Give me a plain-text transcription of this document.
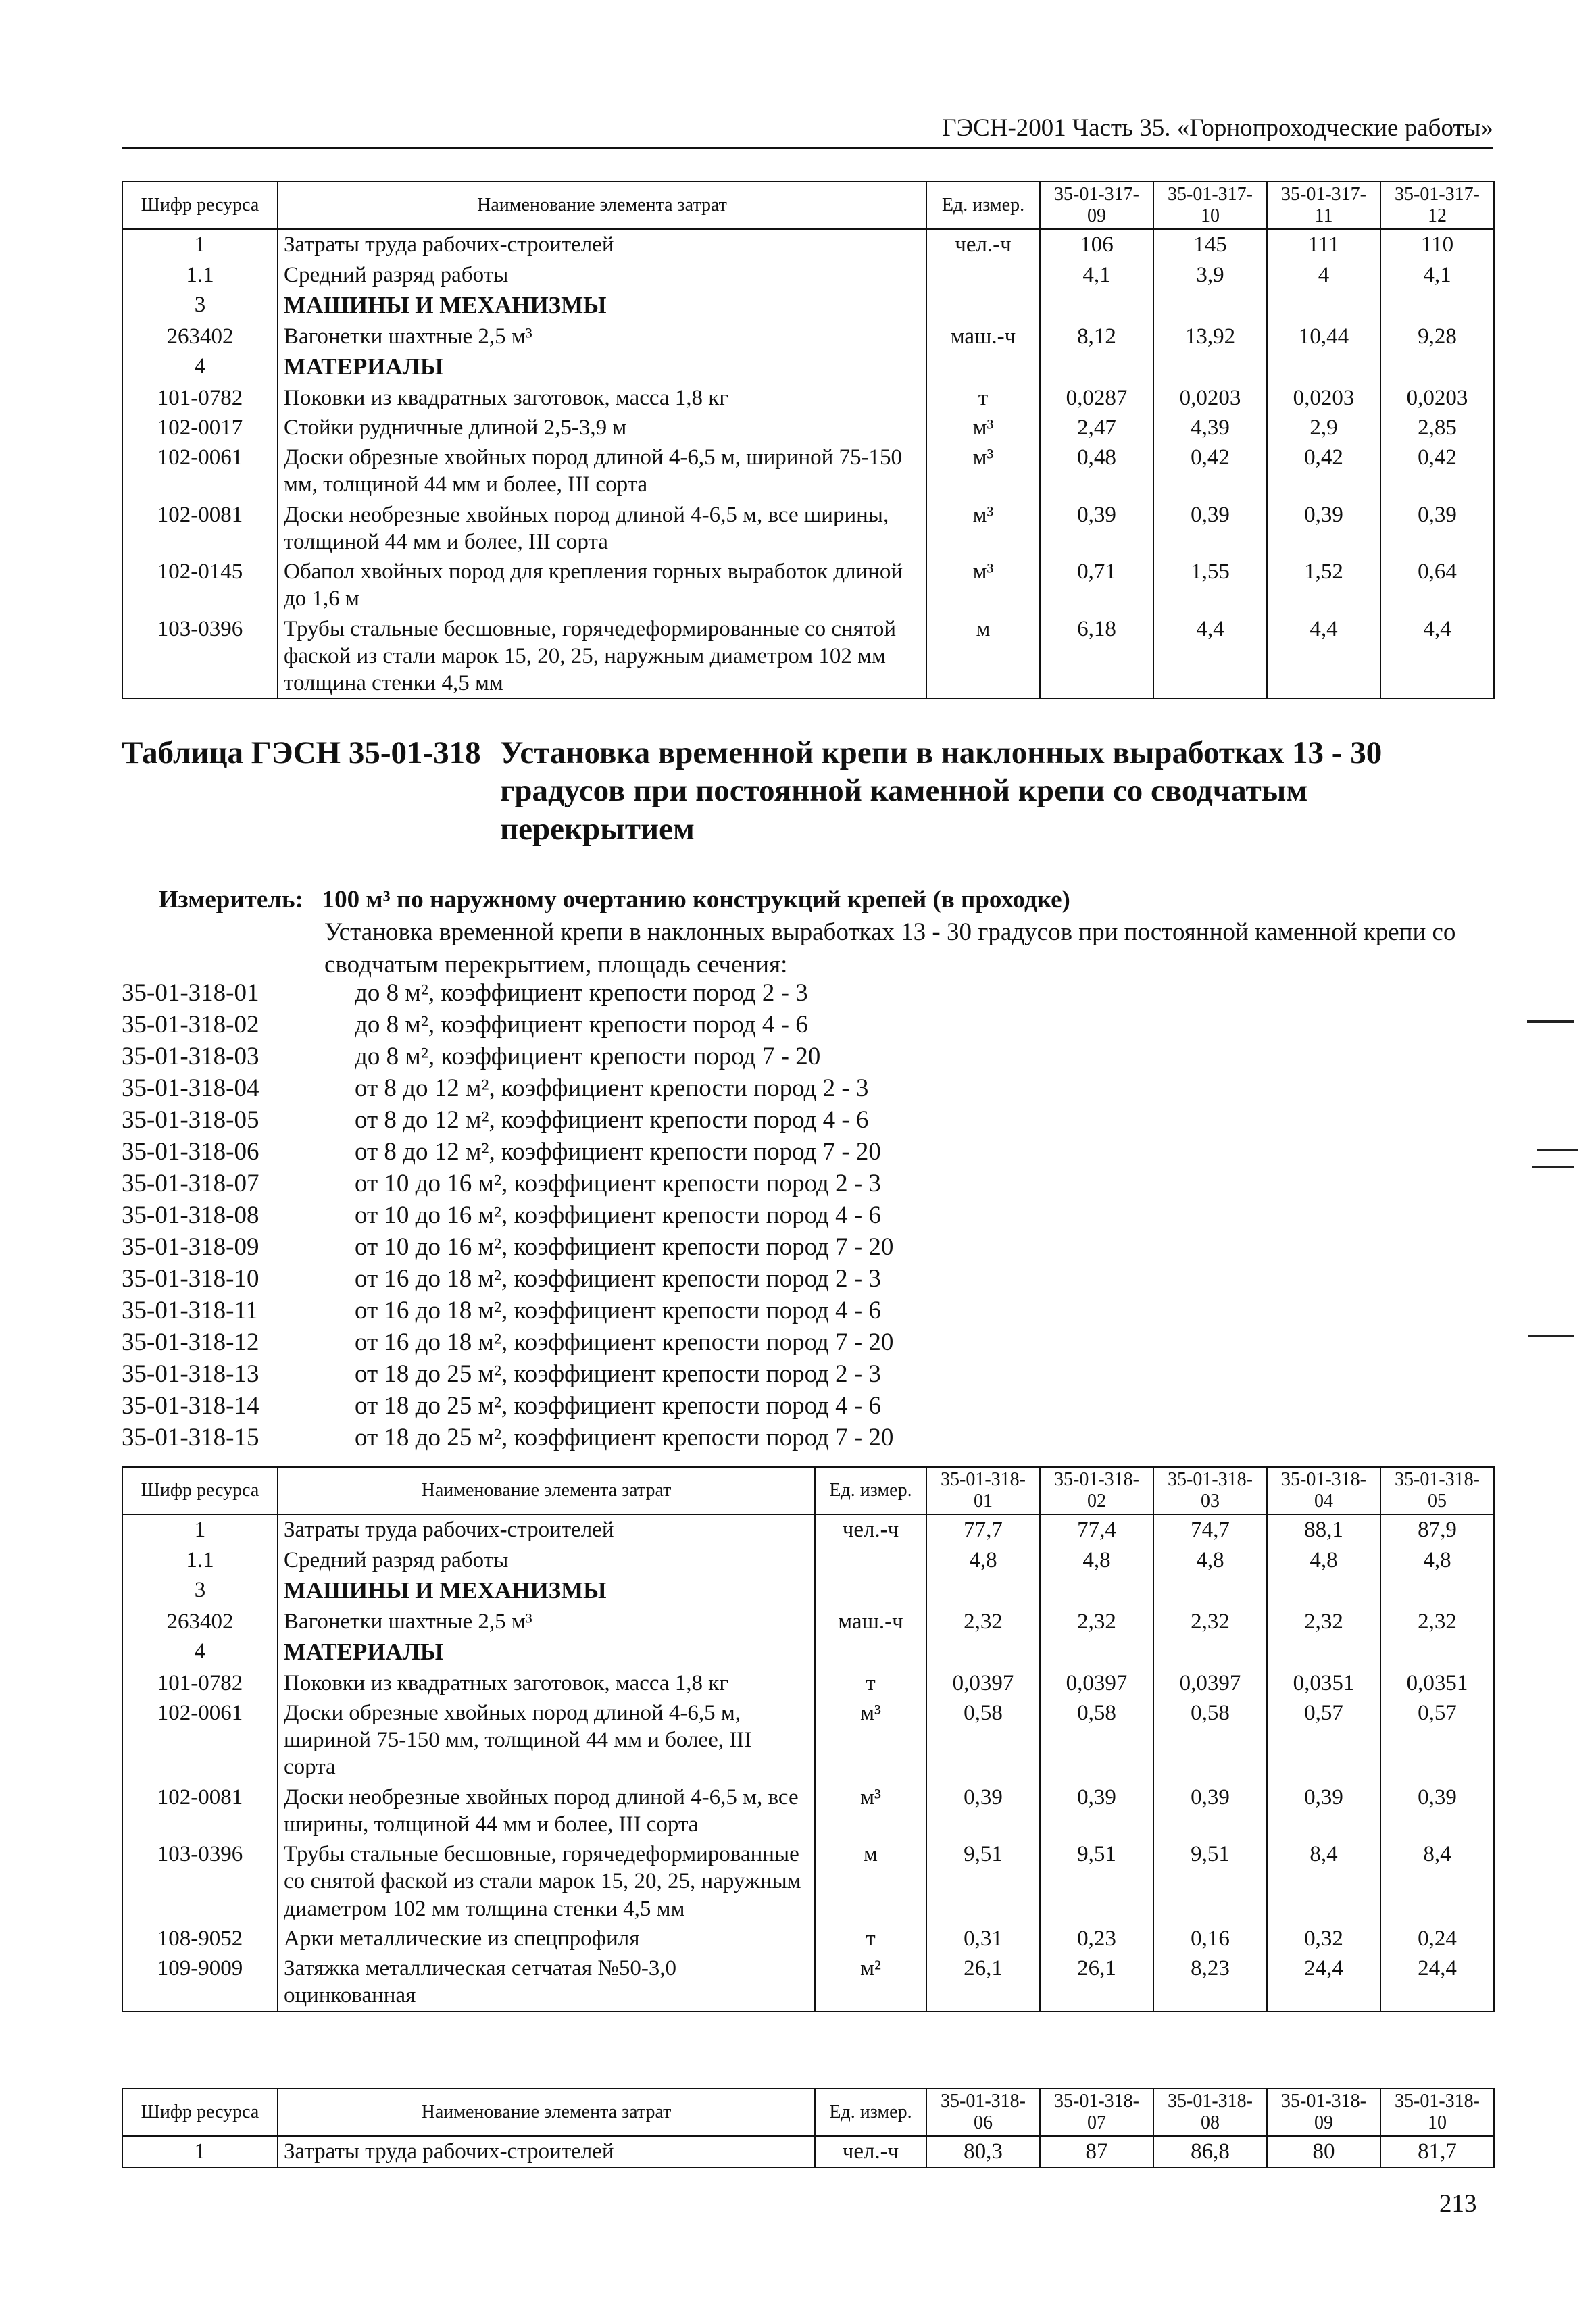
ГЭСН-2001 Часть 35. «Горнопроходческие работы»
Шифр ресурса	Наименование элемента затрат	Ед. измер.	35-01-317-09	35-01-317-10	35-01-317-11	35-01-317-12
1	Затраты труда рабочих-строителей	чел.-ч	106	145	111	110
1.1	Средний разряд работы		4,1	3,9	4	4,1
3	МАШИНЫ И МЕХАНИЗМЫ					
263402	Вагонетки шахтные 2,5 м³	маш.-ч	8,12	13,92	10,44	9,28
4	МАТЕРИАЛЫ					
101-0782	Поковки из квадратных заготовок, масса 1,8 кг	т	0,0287	0,0203	0,0203	0,0203
102-0017	Стойки рудничные длиной 2,5-3,9 м	м³	2,47	4,39	2,9	2,85
102-0061	Доски обрезные хвойных пород длиной 4-6,5 м, шириной 75-150 мм, толщиной 44 мм и более, III сорта	м³	0,48	0,42	0,42	0,42
102-0081	Доски необрезные хвойных пород длиной 4-6,5 м, все ширины, толщиной 44 мм и более, III сорта	м³	0,39	0,39	0,39	0,39
102-0145	Обапол хвойных пород для крепления горных выработок длиной до 1,6 м	м³	0,71	1,55	1,52	0,64
103-0396	Трубы стальные бесшовные, горячедеформированные со снятой фаской из стали марок 15, 20, 25, наружным диаметром 102 мм толщина стенки 4,5 мм	м	6,18	4,4	4,4	4,4
Таблица ГЭСН 35-01-318 Установка временной крепи в наклонных выработках 13 - 30 градусов при постоянной каменной крепи со сводчатым перекрытием
Измеритель: 100 м³ по наружному очертанию конструкций крепей (в проходке)
Установка временной крепи в наклонных выработках 13 - 30 градусов при постоянной каменной крепи со сводчатым перекрытием, площадь сечения:
35-01-318-01	до 8 м², коэффициент крепости пород 2 - 3
35-01-318-02	до 8 м², коэффициент крепости пород 4 - 6
35-01-318-03	до 8 м², коэффициент крепости пород 7 - 20
35-01-318-04	от 8 до 12 м², коэффициент крепости пород 2 - 3
35-01-318-05	от 8 до 12 м², коэффициент крепости пород 4 - 6
35-01-318-06	от 8 до 12 м², коэффициент крепости пород 7 - 20
35-01-318-07	от 10 до 16 м², коэффициент крепости пород 2 - 3
35-01-318-08	от 10 до 16 м², коэффициент крепости пород 4 - 6
35-01-318-09	от 10 до 16 м², коэффициент крепости пород 7 - 20
35-01-318-10	от 16 до 18 м², коэффициент крепости пород 2 - 3
35-01-318-11	от 16 до 18 м², коэффициент крепости пород 4 - 6
35-01-318-12	от 16 до 18 м², коэффициент крепости пород 7 - 20
35-01-318-13	от 18 до 25 м², коэффициент крепости пород 2 - 3
35-01-318-14	от 18 до 25 м², коэффициент крепости пород 4 - 6
35-01-318-15	от 18 до 25 м², коэффициент крепости пород 7 - 20
Шифр ресурса	Наименование элемента затрат	Ед. измер.	35-01-318-01	35-01-318-02	35-01-318-03	35-01-318-04	35-01-318-05
1	Затраты труда рабочих-строителей	чел.-ч	77,7	77,4	74,7	88,1	87,9
1.1	Средний разряд работы		4,8	4,8	4,8	4,8	4,8
3	МАШИНЫ И МЕХАНИЗМЫ						
263402	Вагонетки шахтные 2,5 м³	маш.-ч	2,32	2,32	2,32	2,32	2,32
4	МАТЕРИАЛЫ						
101-0782	Поковки из квадратных заготовок, масса 1,8 кг	т	0,0397	0,0397	0,0397	0,0351	0,0351
102-0061	Доски обрезные хвойных пород длиной 4-6,5 м, шириной 75-150 мм, толщиной 44 мм и более, III сорта	м³	0,58	0,58	0,58	0,57	0,57
102-0081	Доски необрезные хвойных пород длиной 4-6,5 м, все ширины, толщиной 44 мм и более, III сорта	м³	0,39	0,39	0,39	0,39	0,39
103-0396	Трубы стальные бесшовные, горячедеформированные со снятой фаской из стали марок 15, 20, 25, наружным диаметром 102 мм толщина стенки 4,5 мм	м	9,51	9,51	9,51	8,4	8,4
108-9052	Арки металлические из спецпрофиля	т	0,31	0,23	0,16	0,32	0,24
109-9009	Затяжка металлическая сетчатая №50-3,0 оцинкованная	м²	26,1	26,1	8,23	24,4	24,4
Шифр ресурса	Наименование элемента затрат	Ед. измер.	35-01-318-06	35-01-318-07	35-01-318-08	35-01-318-09	35-01-318-10
1	Затраты труда рабочих-строителей	чел.-ч	80,3	87	86,8	80	81,7
213
